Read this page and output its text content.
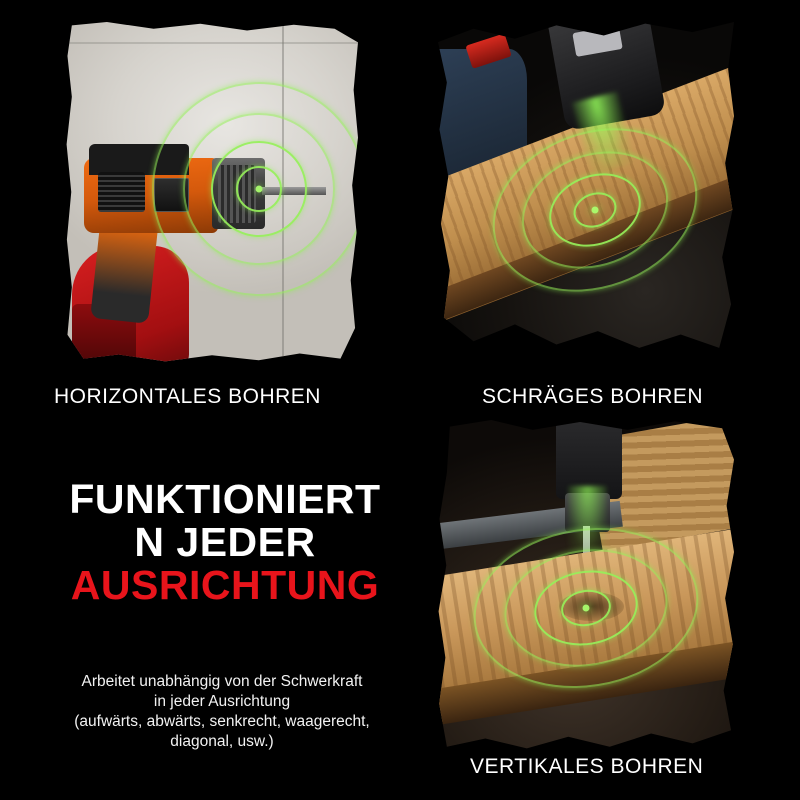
HORIZONTALES BOHREN	SCHRÄGES BOHREN
VERTIKALES BOHREN
FUNKTIONIERT
N JEDER
AUSRICHTUNG
Arbeitet unabhängig von der Schwerkraft
in jeder Ausrichtung
(aufwärts, abwärts, senkrecht, waagerecht,
diagonal, usw.)
